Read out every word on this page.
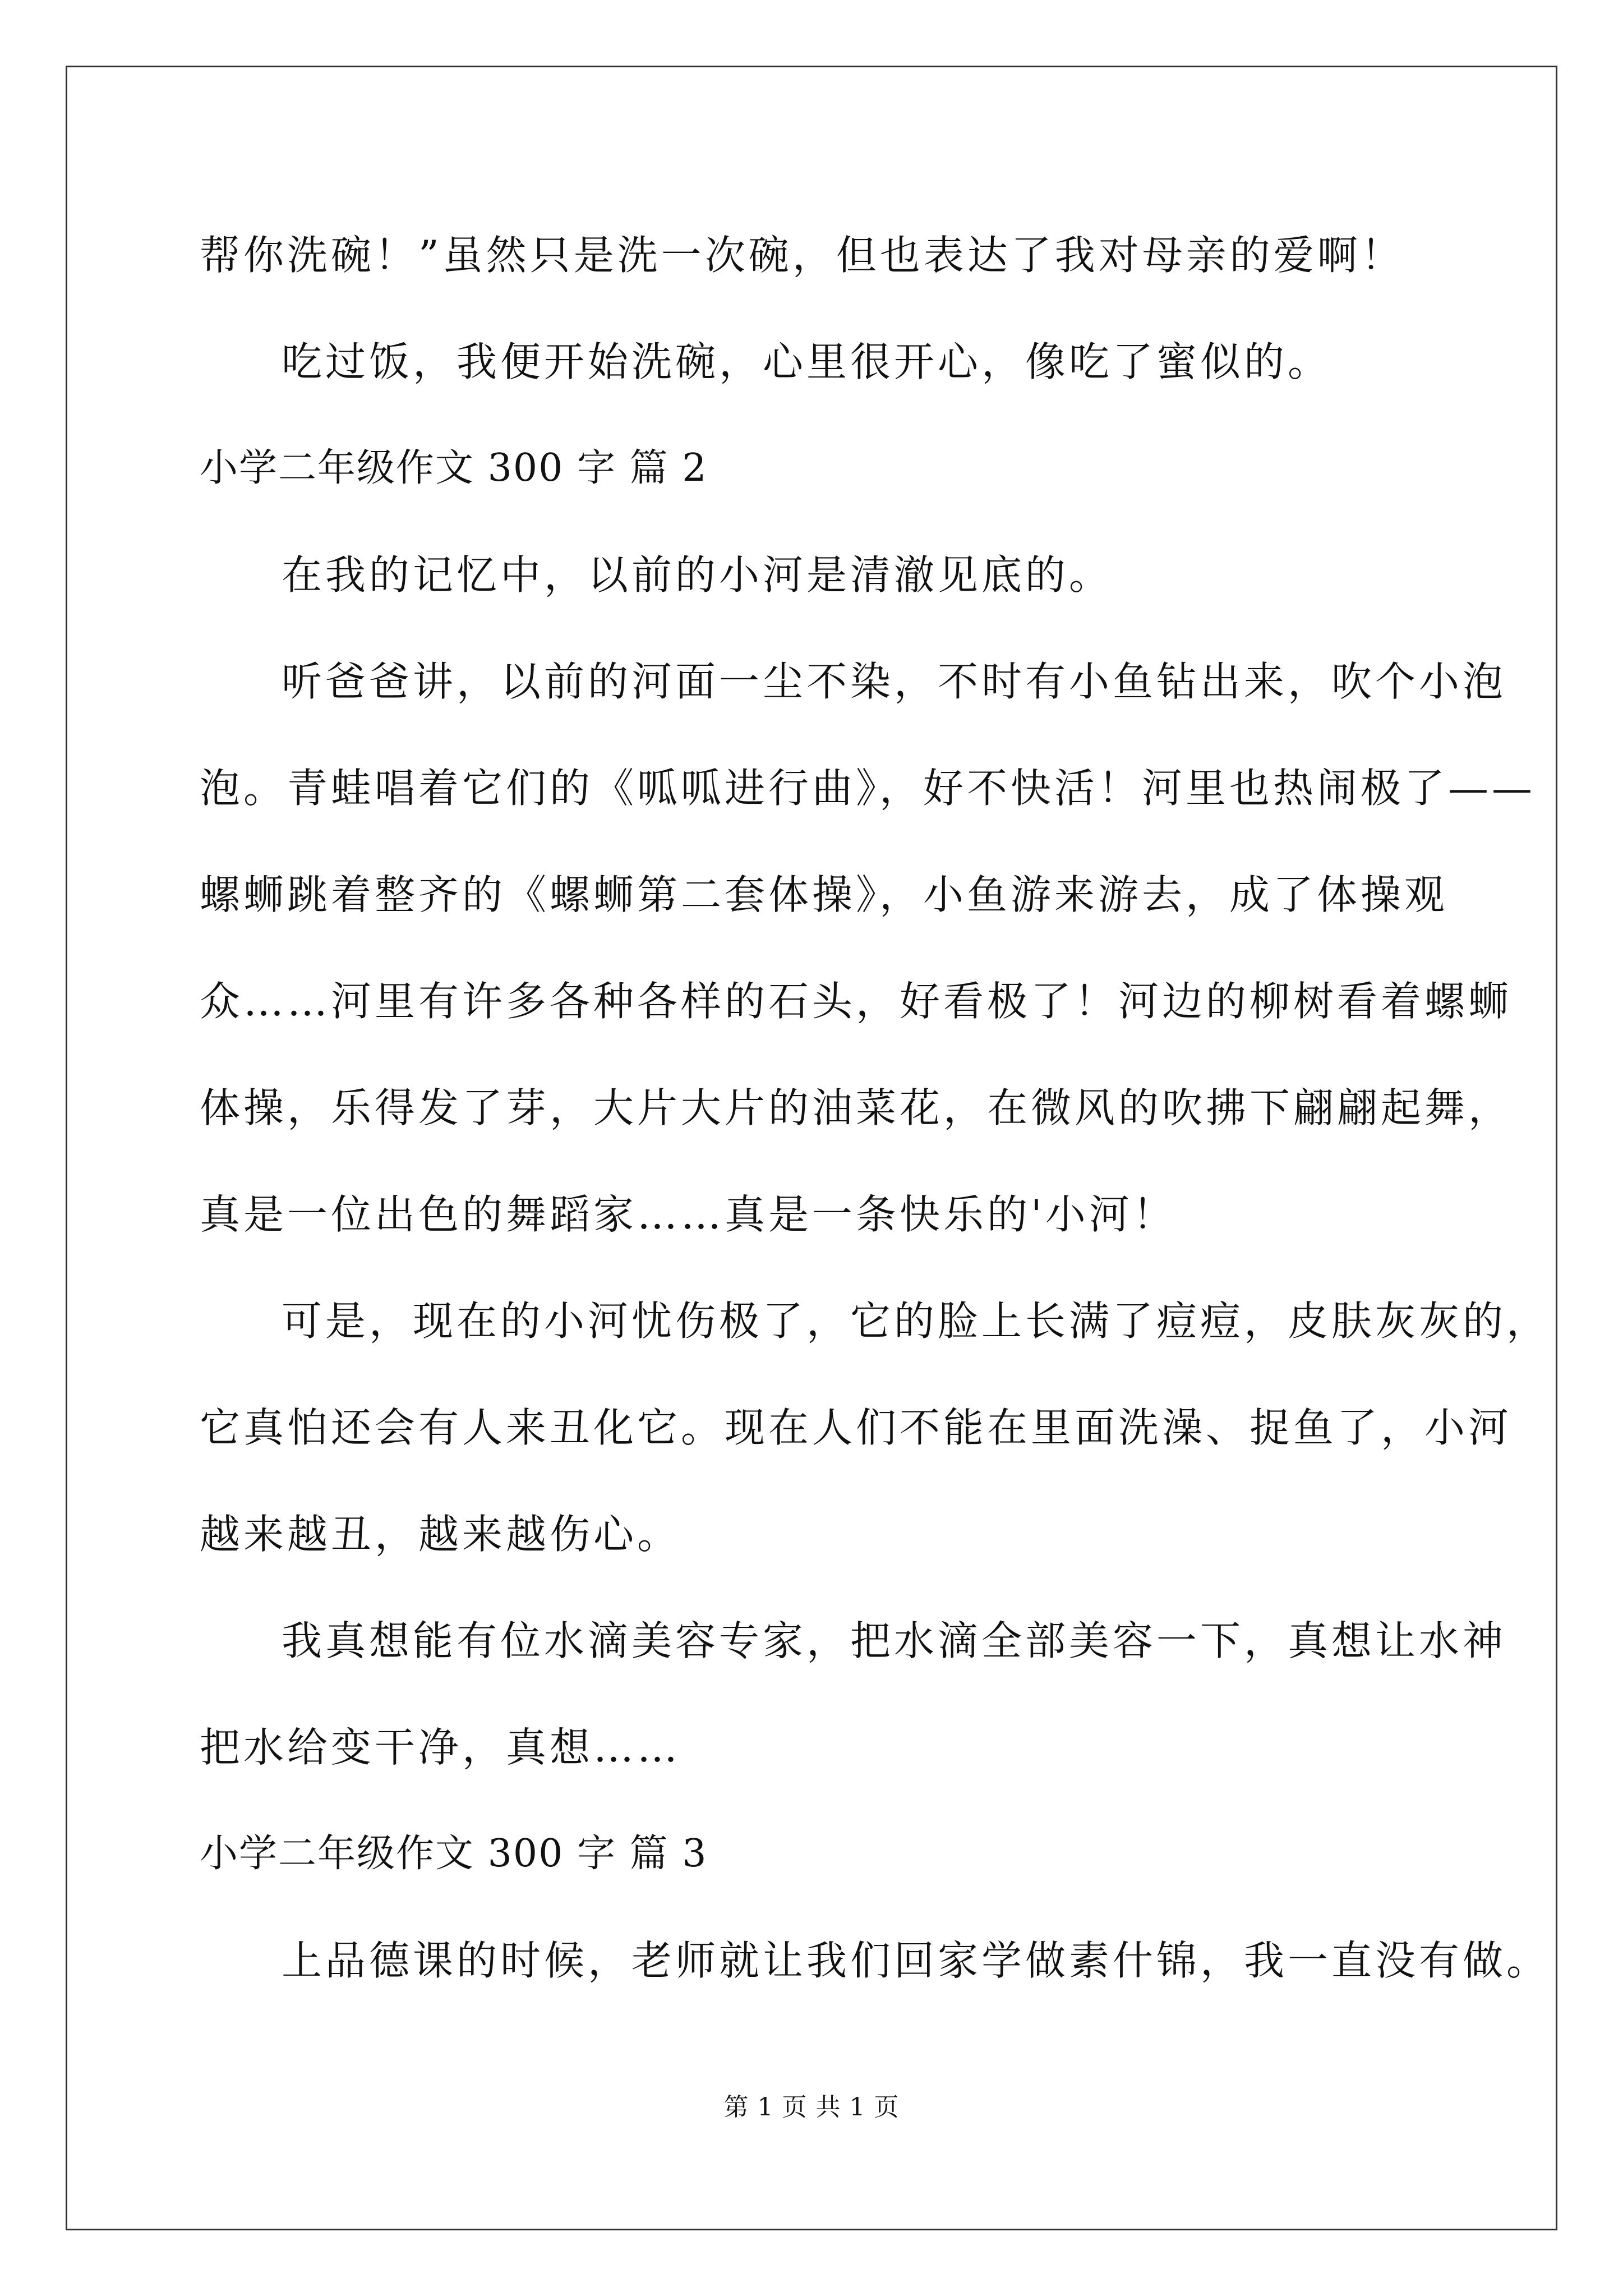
帮你洗碗！”虽然只是洗一次碗，但也表达了我对母亲的爱啊！
吃过饭，我便开始洗碗，心里很开心，像吃了蜜似的。
小学二年级作文 300 字 篇 2
在我的记忆中，以前的小河是清澈见底的。
听爸爸讲，以前的河面一尘不染，不时有小鱼钻出来，吹个小泡
泡。青蛙唱着它们的《呱呱进行曲》，好不快活！河里也热闹极了——
螺蛳跳着整齐的《螺蛳第二套体操》，小鱼游来游去，成了体操观
众……河里有许多各种各样的石头，好看极了！河边的柳树看着螺蛳
体操，乐得发了芽，大片大片的油菜花，在微风的吹拂下翩翩起舞，
真是一位出色的舞蹈家……真是一条快乐的'小河！
可是，现在的小河忧伤极了，它的脸上长满了痘痘，皮肤灰灰的，
它真怕还会有人来丑化它。现在人们不能在里面洗澡、捉鱼了，小河
越来越丑，越来越伤心。
我真想能有位水滴美容专家，把水滴全部美容一下，真想让水神
把水给变干净，真想……
小学二年级作文 300 字 篇 3
上品德课的时候，老师就让我们回家学做素什锦，我一直没有做。
第 1 页 共 1 页
